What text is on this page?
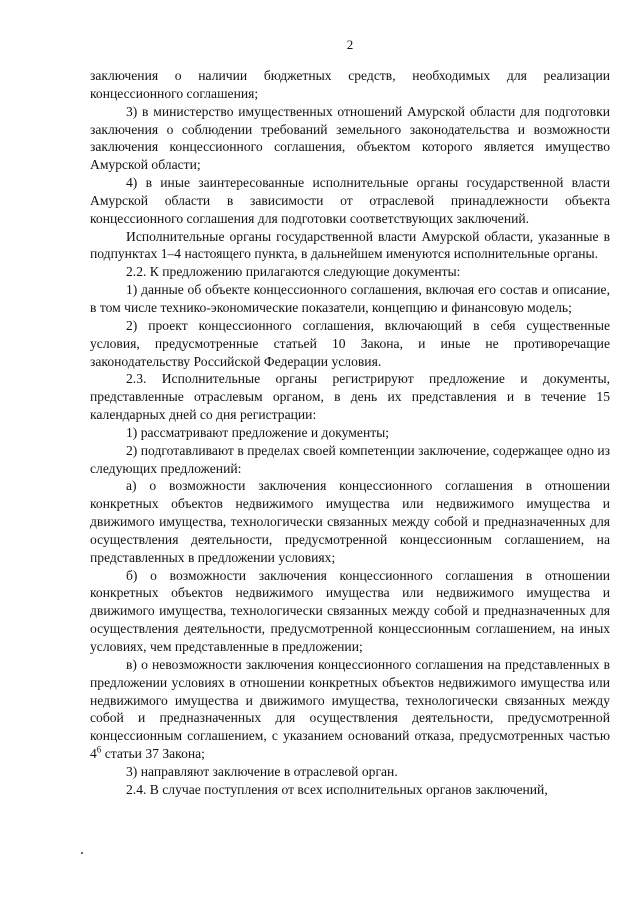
2

заключения о наличии бюджетных средств, необходимых для реализации концессионного соглашения;

3) в министерство имущественных отношений Амурской области для подготовки заключения о соблюдении требований земельного законодательства и возможности заключения концессионного соглашения, объектом которого является имущество Амурской области;

4) в иные заинтересованные исполнительные органы государственной власти Амурской области в зависимости от отраслевой принадлежности объекта концессионного соглашения для подготовки соответствующих заключений.

Исполнительные органы государственной власти Амурской области, указанные в подпунктах 1–4 настоящего пункта, в дальнейшем именуются исполнительные органы.

2.2. К предложению прилагаются следующие документы:

1) данные об объекте концессионного соглашения, включая его состав и описание, в том числе технико-экономические показатели, концепцию и финансовую модель;

2) проект концессионного соглашения, включающий в себя существенные условия, предусмотренные статьей 10 Закона, и иные не противоречащие законодательству Российской Федерации условия.

2.3. Исполнительные органы регистрируют предложение и документы, представленные отраслевым органом, в день их представления и в течение 15 календарных дней со дня регистрации:

1) рассматривают предложение и документы;

2) подготавливают в пределах своей компетенции заключение, содержащее одно из следующих предложений:

а) о возможности заключения концессионного соглашения в отношении конкретных объектов недвижимого имущества или недвижимого имущества и движимого имущества, технологически связанных между собой и предназначенных для осуществления деятельности, предусмотренной концессионным соглашением, на представленных в предложении условиях;

б) о возможности заключения концессионного соглашения в отношении конкретных объектов недвижимого имущества или недвижимого имущества и движимого имущества, технологически связанных между собой и предназначенных для осуществления деятельности, предусмотренной концессионным соглашением, на иных условиях, чем представленные в предложении;

в) о невозможности заключения концессионного соглашения на представленных в предложении условиях в отношении конкретных объектов недвижимого имущества или недвижимого имущества и движимого имущества, технологически связанных между собой и предназначенных для осуществления деятельности, предусмотренной концессионным соглашением, с указанием оснований отказа, предусмотренных частью $4^6$ статьи 37 Закона;

3) направляют заключение в отраслевой орган.

2.4. В случае поступления от всех исполнительных органов заключений,
